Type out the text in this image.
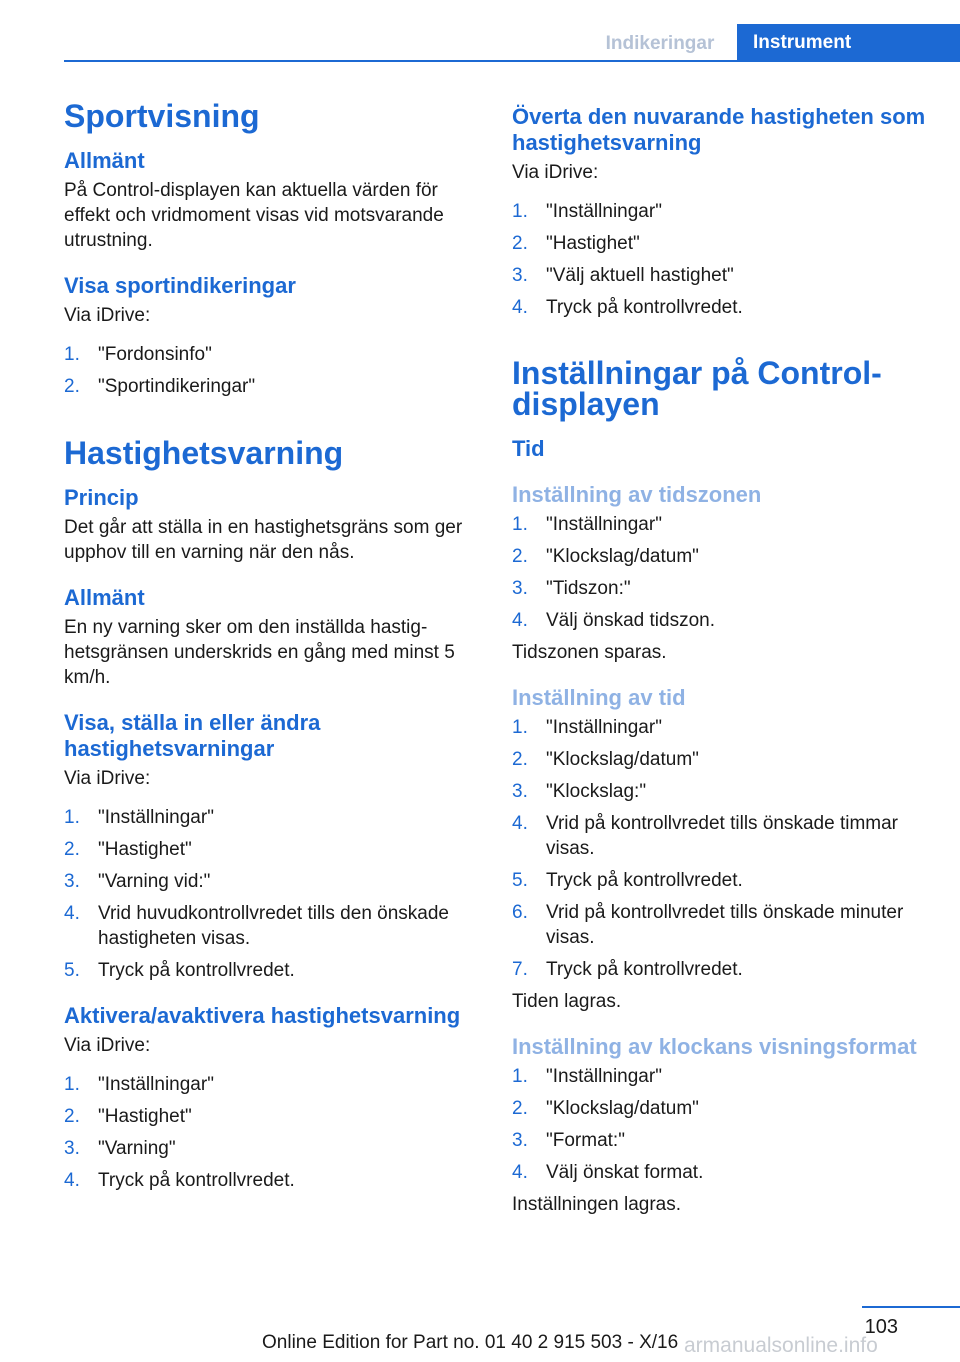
Indikeringar	Instrument
Sportvisning
Allmänt

På Control-displayen kan aktuella värden för effekt och vridmoment visas vid motsvarande utrustning.

Visa sportindikeringar

Via iDrive:

1. "Fordonsinfo"
2. "Sportindikeringar"
Hastighetsvarning
Princip

Det går att ställa in en hastighetsgräns som ger upphov till en varning när den nås.

Allmänt

En ny varning sker om den inställda hastig‐hetsgränsen underskrids en gång med minst 5 km/h.

Visa, ställa in eller ändra hastighetsvarningar

Via iDrive:

1. "Inställningar"
2. "Hastighet"
3. "Varning vid:"
4. Vrid huvudkontrollvredet tills den önskade hastigheten visas.
5. Tryck på kontrollvredet.
Aktivera/avaktivera hastighetsvarning

Via iDrive:

1. "Inställningar"
2. "Hastighet"
3. "Varning"
4. Tryck på kontrollvredet.
Överta den nuvarande hastigheten som hastighetsvarning

Via iDrive:

1. "Inställningar"
2. "Hastighet"
3. "Välj aktuell hastighet"
4. Tryck på kontrollvredet.
Inställningar på Control-displayen
Tid
Inställning av tidszonen
1. "Inställningar"
2. "Klockslag/datum"
3. "Tidszon:"
4. Välj önskad tidszon.

Tidszonen sparas.

Inställning av tid
1. "Inställningar"
2. "Klockslag/datum"
3. "Klockslag:"
4. Vrid på kontrollvredet tills önskade timmar visas.
5. Tryck på kontrollvredet.
6. Vrid på kontrollvredet tills önskade minuter visas.
7. Tryck på kontrollvredet.

Tiden lagras.

Inställning av klockans visningsformat
1. "Inställningar"
2. "Klockslag/datum"
3. "Format:"
4. Välj önskat format.

Inställningen lagras.

103
armanualsonline.info
Online Edition for Part no. 01 40 2 915 503 - X/16
